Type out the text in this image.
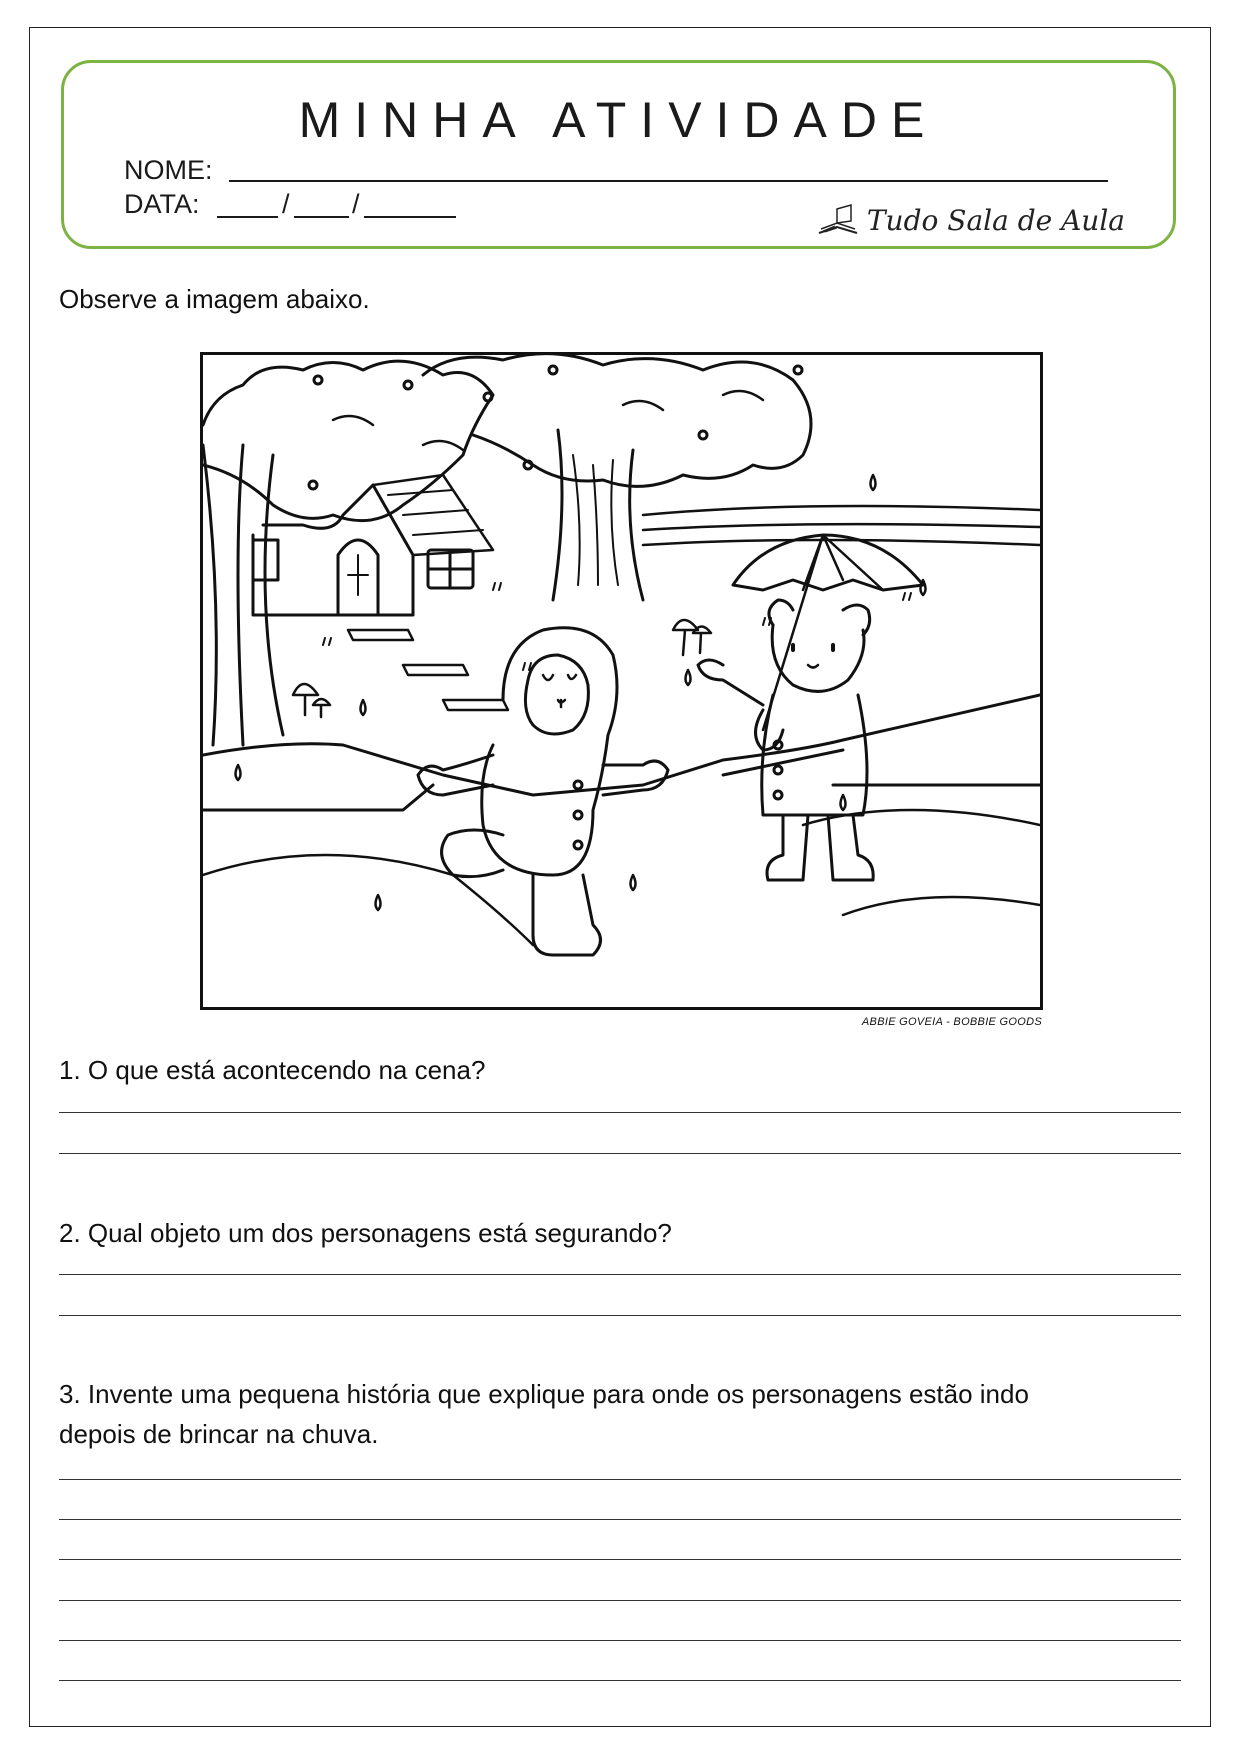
MINHA ATIVIDADE
NOME:
DATA:	/ /	Tudo Sala de Aula
Observe a imagem abaixo.
ABBIE GOVEIA - BOBBIE GOODS
1. O que está acontecendo na cena?
2. Qual objeto um dos personagens está segurando?
3. Invente uma pequena história que explique para onde os personagens estão indo
depois de brincar na chuva.
